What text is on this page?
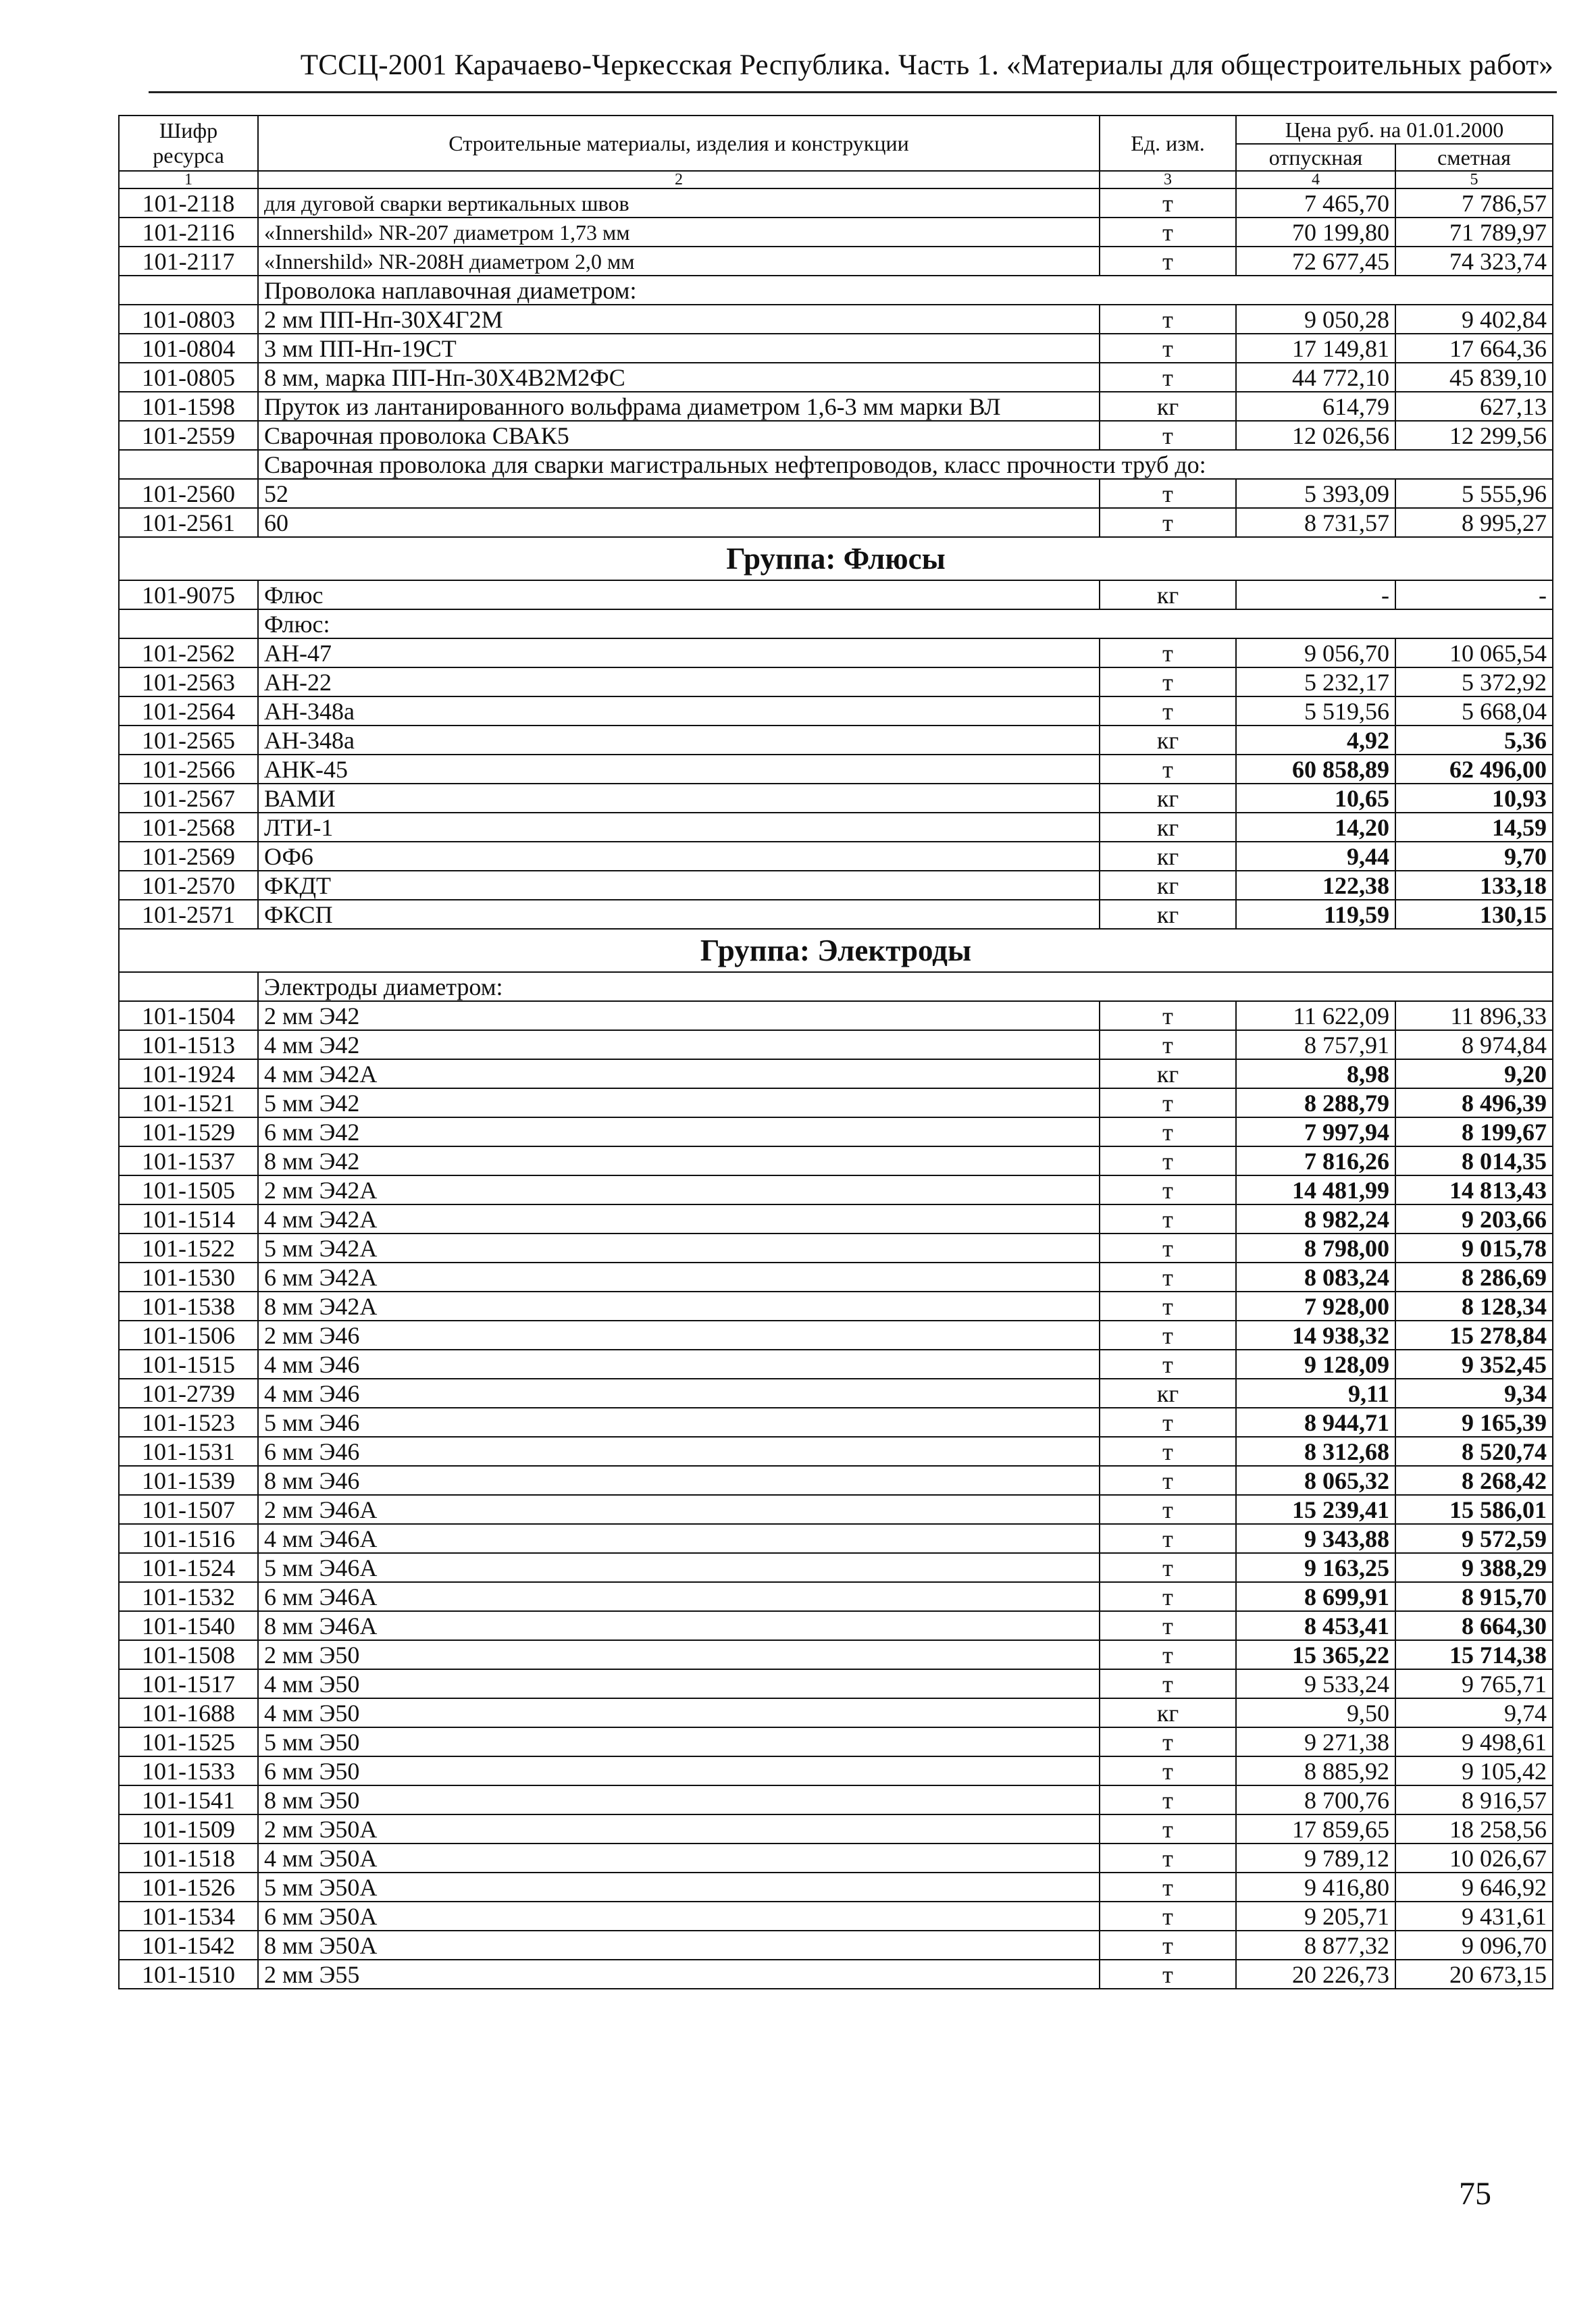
ТССЦ-2001 Карачаево-Черкесская Республика. Часть 1. «Материалы для общестроительных работ»
Шифр ресурса	Строительные материалы, изделия и конструкции	Ед. изм.	Цена руб. на 01.01.2000	
			отпускная	сметная
1	2	3	4	5
101-2118	для дуговой сварки вертикальных швов	т	7 465,70	7 786,57
101-2116	«Innershild» NR-207 диаметром 1,73 мм	т	70 199,80	71 789,97
101-2117	«Innershild» NR-208H диаметром 2,0 мм	т	72 677,45	74 323,74
	Проволока наплавочная диаметром:			
101-0803	2 мм ПП-Нп-30Х4Г2М	т	9 050,28	9 402,84
101-0804	3 мм ПП-Нп-19СТ	т	17 149,81	17 664,36
101-0805	8 мм, марка ПП-Нп-30Х4В2М2ФС	т	44 772,10	45 839,10
101-1598	Пруток из лантанированного вольфрама диаметром 1,6-3 мм марки ВЛ	кг	614,79	627,13
101-2559	Сварочная проволока СВАК5	т	12 026,56	12 299,56
	Сварочная проволока для сварки магистральных нефтепроводов, класс прочности труб до:			
101-2560	52	т	5 393,09	5 555,96
101-2561	60	т	8 731,57	8 995,27
Группа: Флюсы				
101-9075	Флюс	кг	-	-
	Флюс:			
101-2562	АН-47	т	9 056,70	10 065,54
101-2563	АН-22	т	5 232,17	5 372,92
101-2564	АН-348а	т	5 519,56	5 668,04
101-2565	АН-348а	кг	4,92	5,36
101-2566	АНК-45	т	60 858,89	62 496,00
101-2567	ВАМИ	кг	10,65	10,93
101-2568	ЛТИ-1	кг	14,20	14,59
101-2569	ОФ6	кг	9,44	9,70
101-2570	ФКДТ	кг	122,38	133,18
101-2571	ФКСП	кг	119,59	130,15
Группа: Электроды				
	Электроды диаметром:			
101-1504	2 мм Э42	т	11 622,09	11 896,33
101-1513	4 мм Э42	т	8 757,91	8 974,84
101-1924	4 мм Э42А	кг	8,98	9,20
101-1521	5 мм Э42	т	8 288,79	8 496,39
101-1529	6 мм Э42	т	7 997,94	8 199,67
101-1537	8 мм Э42	т	7 816,26	8 014,35
101-1505	2 мм Э42А	т	14 481,99	14 813,43
101-1514	4 мм Э42А	т	8 982,24	9 203,66
101-1522	5 мм Э42А	т	8 798,00	9 015,78
101-1530	6 мм Э42А	т	8 083,24	8 286,69
101-1538	8 мм Э42А	т	7 928,00	8 128,34
101-1506	2 мм Э46	т	14 938,32	15 278,84
101-1515	4 мм Э46	т	9 128,09	9 352,45
101-2739	4 мм Э46	кг	9,11	9,34
101-1523	5 мм Э46	т	8 944,71	9 165,39
101-1531	6 мм Э46	т	8 312,68	8 520,74
101-1539	8 мм Э46	т	8 065,32	8 268,42
101-1507	2 мм Э46А	т	15 239,41	15 586,01
101-1516	4 мм Э46А	т	9 343,88	9 572,59
101-1524	5 мм Э46А	т	9 163,25	9 388,29
101-1532	6 мм Э46А	т	8 699,91	8 915,70
101-1540	8 мм Э46А	т	8 453,41	8 664,30
101-1508	2 мм Э50	т	15 365,22	15 714,38
101-1517	4 мм Э50	т	9 533,24	9 765,71
101-1688	4 мм Э50	кг	9,50	9,74
101-1525	5 мм Э50	т	9 271,38	9 498,61
101-1533	6 мм Э50	т	8 885,92	9 105,42
101-1541	8 мм Э50	т	8 700,76	8 916,57
101-1509	2 мм Э50А	т	17 859,65	18 258,56
101-1518	4 мм Э50А	т	9 789,12	10 026,67
101-1526	5 мм Э50А	т	9 416,80	9 646,92
101-1534	6 мм Э50А	т	9 205,71	9 431,61
101-1542	8 мм Э50А	т	8 877,32	9 096,70
101-1510	2 мм Э55	т	20 226,73	20 673,15
75
